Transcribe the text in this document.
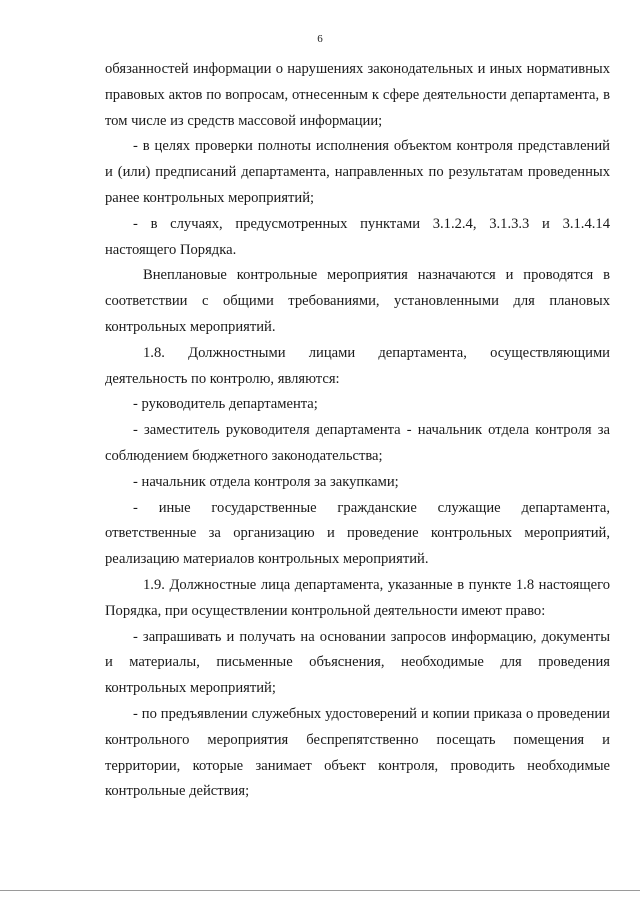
6

обязанностей информации о нарушениях законодательных и иных нормативных правовых актов по вопросам, отнесенным к сфере деятельности департамента, в том числе из средств массовой информации;

- в целях проверки полноты исполнения объектом контроля представлений и (или) предписаний департамента, направленных по результатам проведенных ранее контрольных мероприятий;

- в случаях, предусмотренных пунктами 3.1.2.4, 3.1.3.3 и 3.1.4.14 настоящего Порядка.

Внеплановые контрольные мероприятия назначаются и проводятся в соответствии с общими требованиями, установленными для плановых контрольных мероприятий.

1.8. Должностными лицами департамента, осуществляющими деятельность по контролю, являются:

- руководитель департамента;

- заместитель руководителя департамента - начальник отдела контроля за соблюдением бюджетного законодательства;

- начальник отдела контроля за закупками;

- иные государственные гражданские служащие департамента, ответственные за организацию и проведение контрольных мероприятий, реализацию материалов контрольных мероприятий.

1.9. Должностные лица департамента, указанные в пункте 1.8 настоящего Порядка, при осуществлении контрольной деятельности имеют право:

- запрашивать и получать на основании запросов информацию, документы и материалы, письменные объяснения, необходимые для проведения контрольных мероприятий;

- по предъявлении служебных удостоверений и копии приказа о проведении контрольного мероприятия беспрепятственно посещать помещения и территории, которые занимает объект контроля, проводить необходимые контрольные действия;
